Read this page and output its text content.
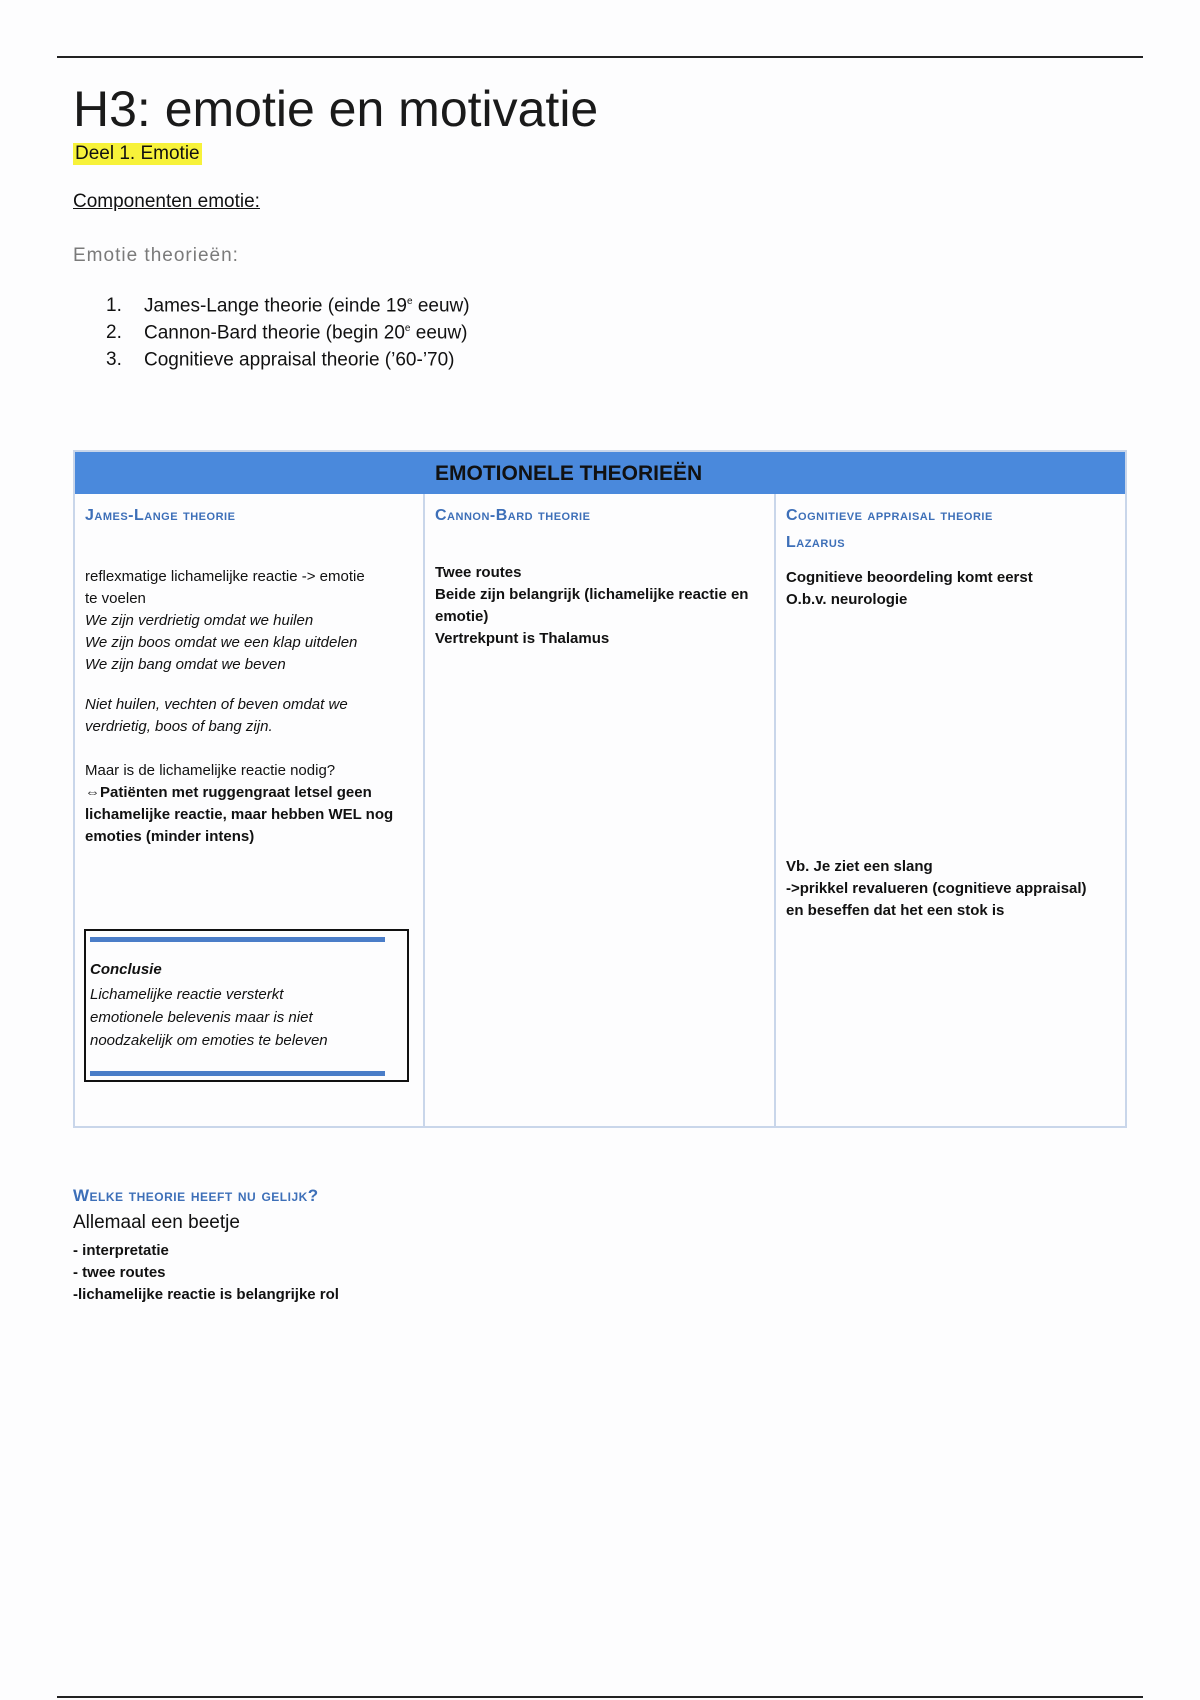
H3: emotie en motivatie
Deel 1. Emotie
Componenten emotie:
Emotie theorieën:
1. James-Lange theorie (einde 19e eeuw)
2. Cannon-Bard theorie (begin 20e eeuw)
3. Cognitieve appraisal theorie (’60-’70)
EMOTIONELE THEORIEËN
James-Lange theorie
reflexmatige lichamelijke reactie -> emotie
te voelen
We zijn verdrietig omdat we huilen
We zijn boos omdat we een klap uitdelen
We zijn bang omdat we beven
Niet huilen, vechten of beven omdat we
verdrietig, boos of bang zijn.
Maar is de lichamelijke reactie nodig?
⇔Patiënten met ruggengraat letsel geen
lichamelijke reactie, maar hebben WEL nog
emoties (minder intens)
Conclusie
Lichamelijke reactie versterkt
emotionele belevenis maar is niet
noodzakelijk om emoties te beleven
Cannon-Bard theorie
Twee routes
Beide zijn belangrijk (lichamelijke reactie en
emotie)
Vertrekpunt is Thalamus
Cognitieve appraisal theorie
Lazarus
Cognitieve beoordeling komt eerst
O.b.v. neurologie
Vb. Je ziet een slang
->prikkel revalueren (cognitieve appraisal)
en beseffen dat het een stok is
Welke theorie heeft nu gelijk?
Allemaal een beetje
- interpretatie
- twee routes
-lichamelijke reactie is belangrijke rol
